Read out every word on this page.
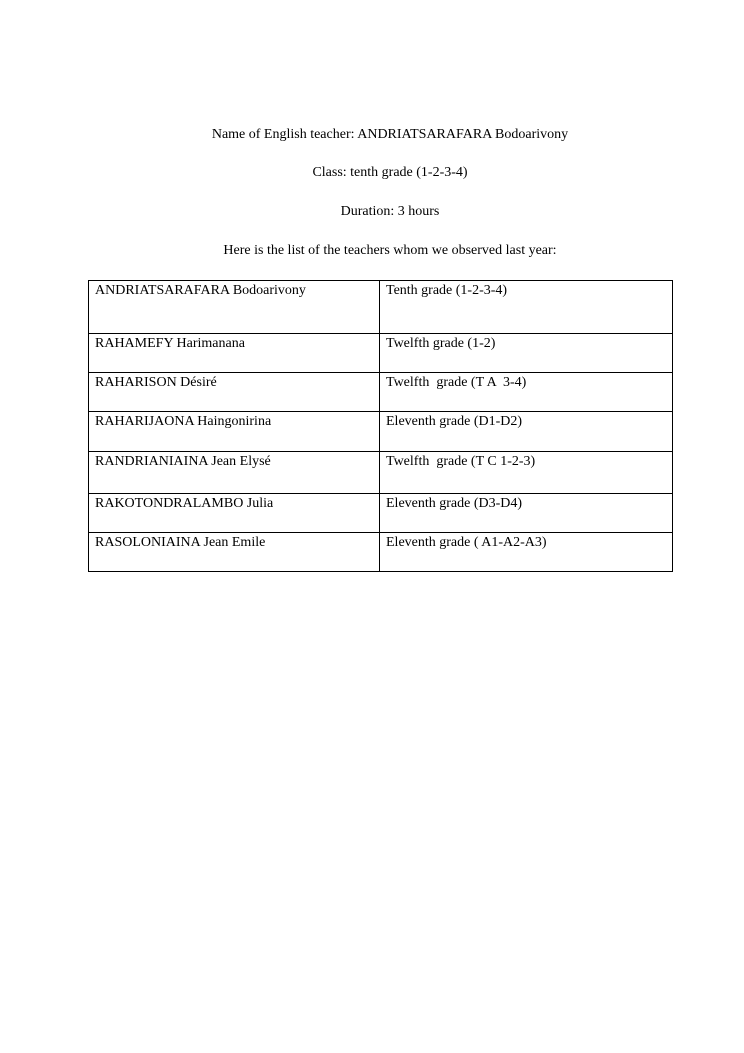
Name of English teacher: ANDRIATSARAFARA Bodoarivony
Class: tenth grade (1-2-3-4)
Duration: 3 hours
Here is the list of the teachers whom we observed last year:
ANDRIATSARAFARA Bodoarivony	Tenth grade (1-2-3-4)
RAHAMEFY Harimanana	Twelfth grade (1-2)
RAHARISON Désiré	Twelfth  grade (T A  3-4)
RAHARIJAONA Haingonirina	Eleventh grade (D1-D2)
RANDRIANIAINA Jean Elysé	Twelfth  grade (T C 1-2-3)
RAKOTONDRALAMBO Julia	Eleventh grade (D3-D4)
RASOLONIAINA Jean Emile	Eleventh grade ( A1-A2-A3)
